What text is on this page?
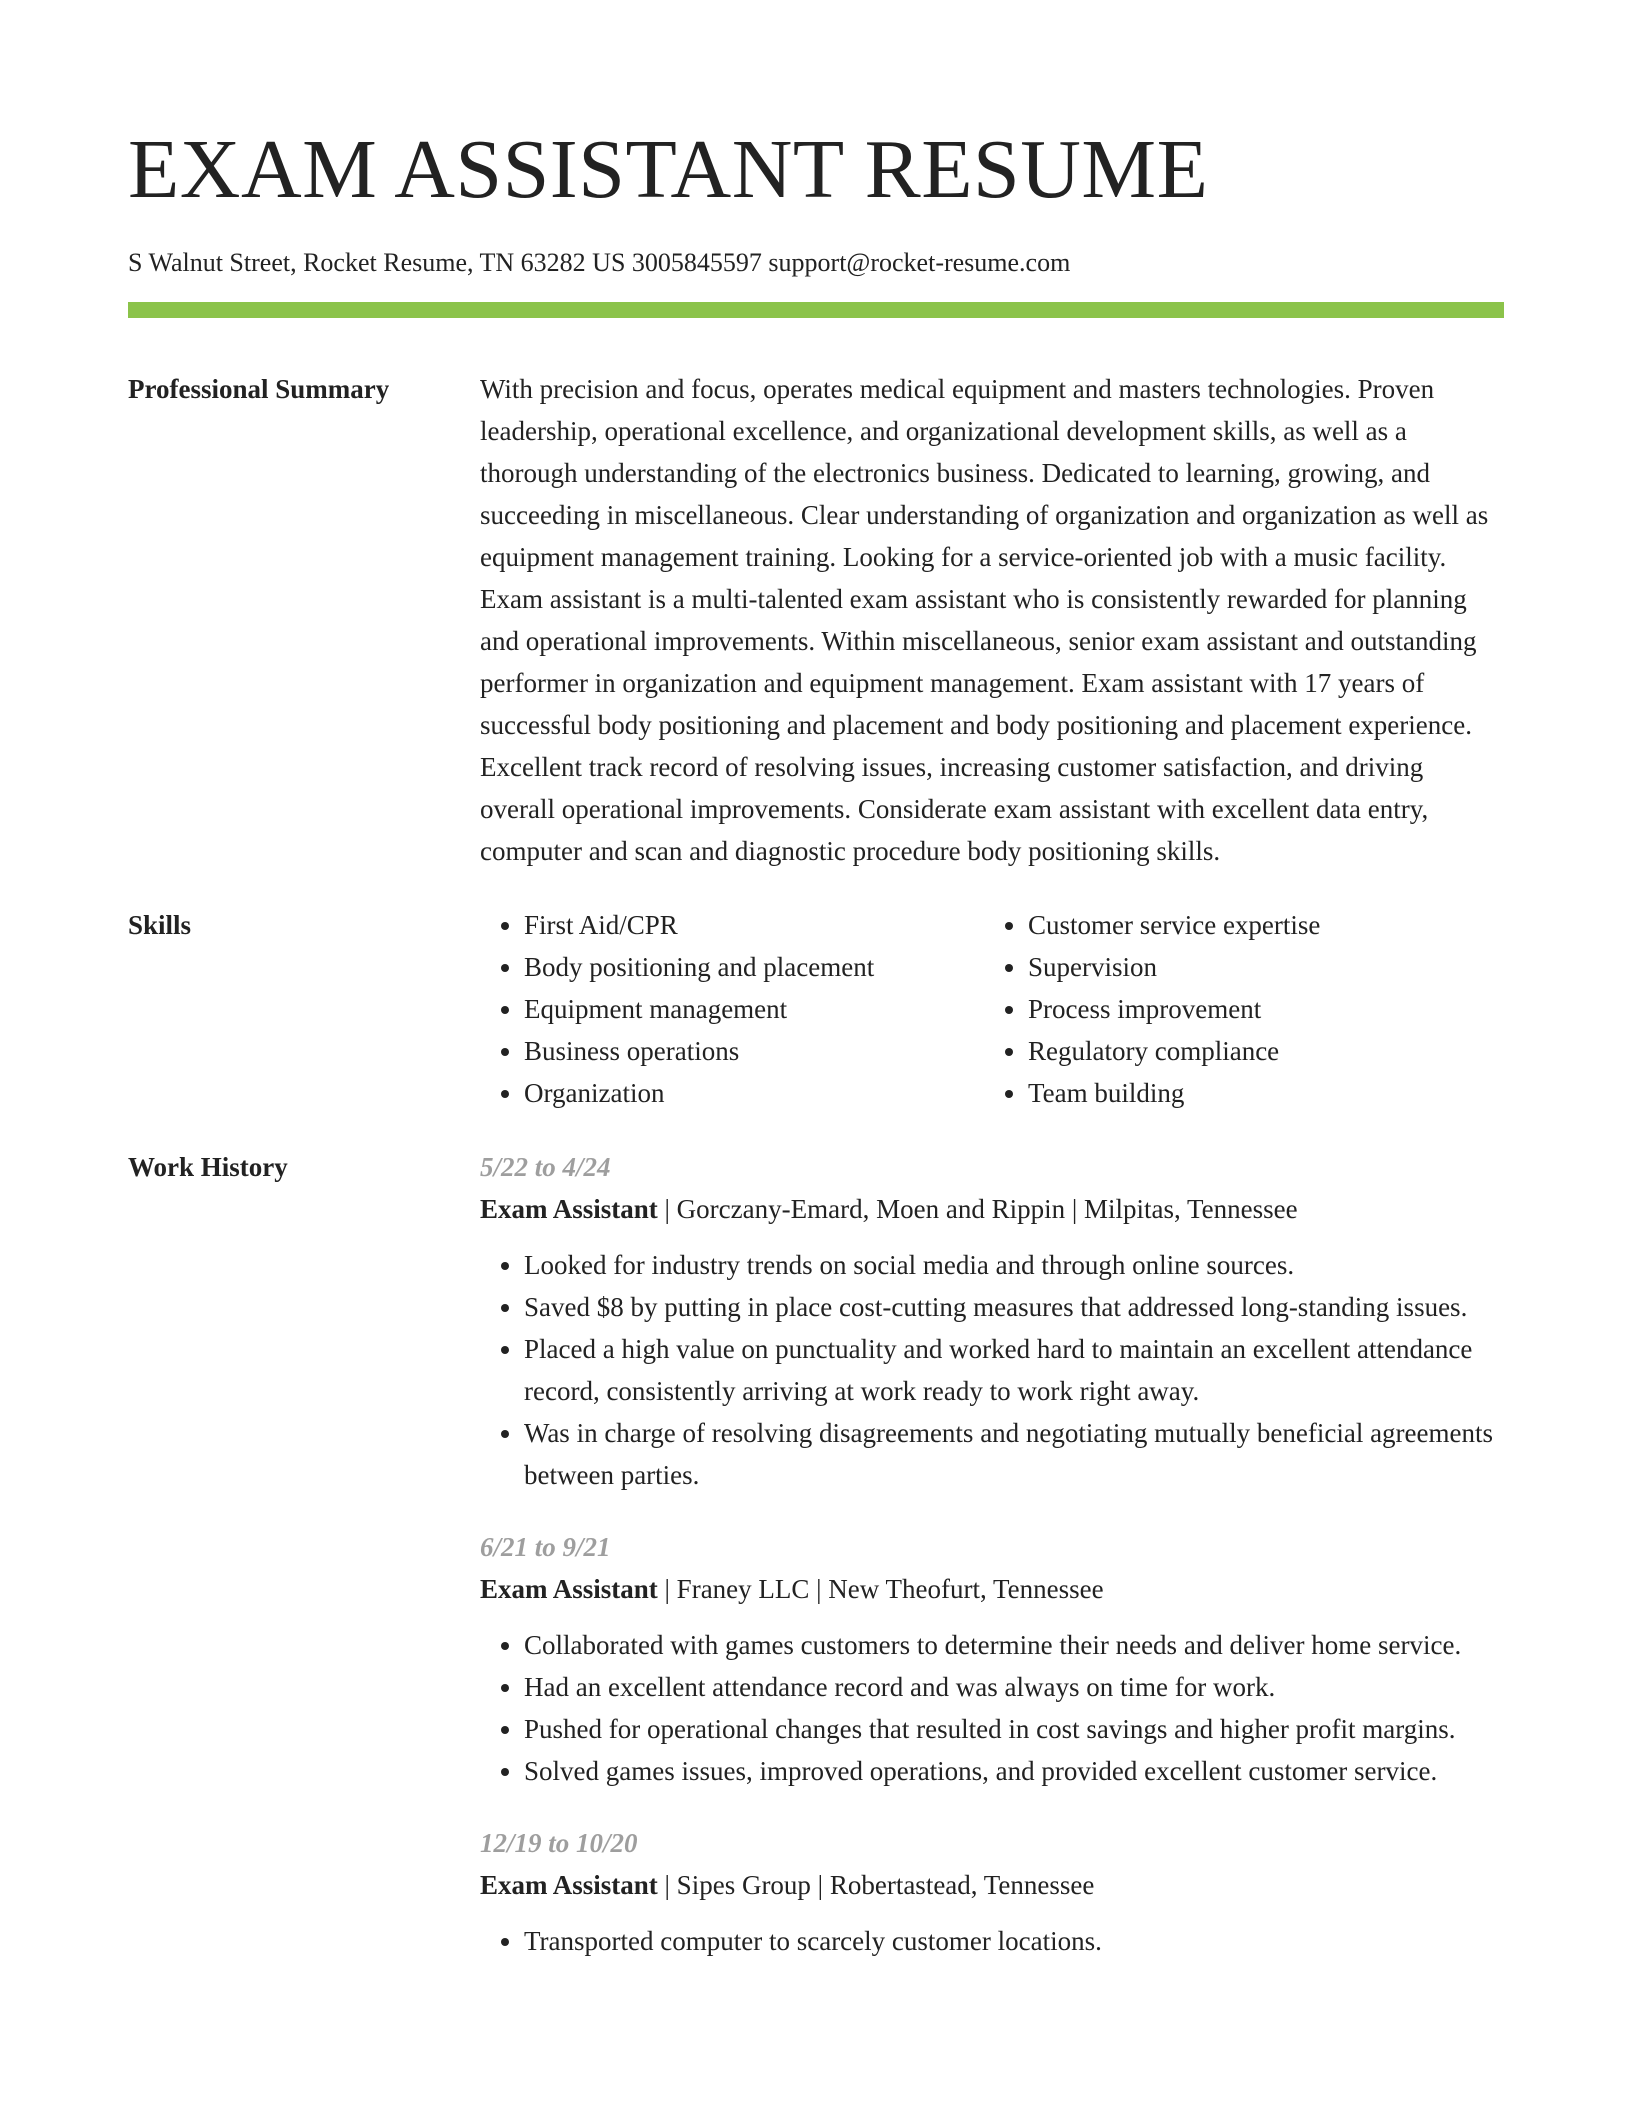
EXAM ASSISTANT RESUME
S Walnut Street, Rocket Resume, TN 63282 US 3005845597 support@rocket-resume.com
Professional Summary	With precision and focus, operates medical equipment and masters technologies. Proven leadership, operational excellence, and organizational development skills, as well as a thorough understanding of the electronics business. Dedicated to learning, growing, and succeeding in miscellaneous. Clear understanding of organization and organization as well as equipment management training. Looking for a service-oriented job with a music facility. Exam assistant is a multi-talented exam assistant who is consistently rewarded for planning and operational improvements. Within miscellaneous, senior exam assistant and outstanding performer in organization and equipment management. Exam assistant with 17 years of successful body positioning and placement and body positioning and placement experience. Excellent track record of resolving issues, increasing customer satisfaction, and driving overall operational improvements. Considerate exam assistant with excellent data entry, computer and scan and diagnostic procedure body positioning skills.

Skills
•	First Aid/CPR
• Body positioning and placement
• Equipment management
• Business operations
• Organization
• Customer service expertise
• Supervision
• Process improvement
• Regulatory compliance
• Team building
Work History	5/22 to 4/24
Exam Assistant | Gorczany-Emard, Moen and Rippin | Milpitas, Tennessee
• Looked for industry trends on social media and through online sources.
• Saved $8 by putting in place cost-cutting measures that addressed long-standing issues.
• Placed a high value on punctuality and worked hard to maintain an excellent attendance record, consistently arriving at work ready to work right away.
• Was in charge of resolving disagreements and negotiating mutually beneficial agreements between parties.
6/21 to 9/21
Exam Assistant | Franey LLC | New Theofurt, Tennessee
• Collaborated with games customers to determine their needs and deliver home service.
• Had an excellent attendance record and was always on time for work.
• Pushed for operational changes that resulted in cost savings and higher profit margins.
• Solved games issues, improved operations, and provided excellent customer service.
12/19 to 10/20
Exam Assistant | Sipes Group | Robertastead, Tennessee
• Transported computer to scarcely customer locations.
